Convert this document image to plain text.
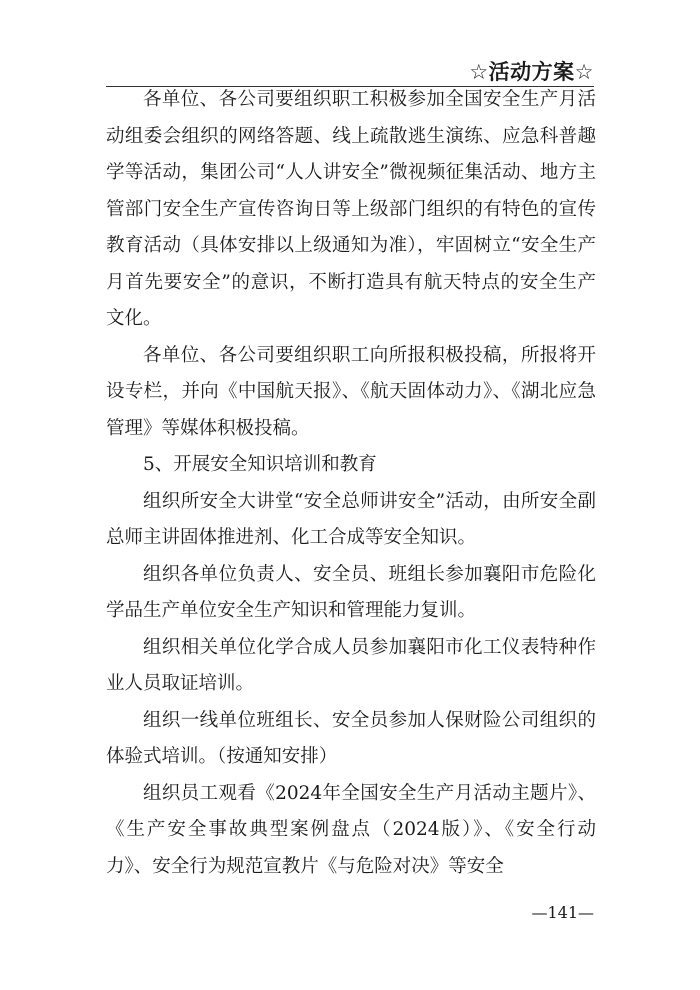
☆活动方案☆

各单位、各公司要组织职工积极参加全国安全生产月活动组委会组织的网络答题、线上疏散逃生演练、应急科普趣学等活动，集团公司“人人讲安全”微视频征集活动、地方主管部门安全生产宣传咨询日等上级部门组织的有特色的宣传教育活动（具体安排以上级通知为准），牢固树立“安全生产月首先要安全”的意识，不断打造具有航天特点的安全生产文化。

各单位、各公司要组织职工向所报积极投稿，所报将开设专栏，并向《中国航天报》、《航天固体动力》、《湖北应急管理》等媒体积极投稿。

5、开展安全知识培训和教育

组织所安全大讲堂“安全总师讲安全”活动，由所安全副总师主讲固体推进剂、化工合成等安全知识。

组织各单位负责人、安全员、班组长参加襄阳市危险化学品生产单位安全生产知识和管理能力复训。

组织相关单位化学合成人员参加襄阳市化工仪表特种作业人员取证培训。

组织一线单位班组长、安全员参加人保财险公司组织的体验式培训。（按通知安排）

组织员工观看《2024年全国安全生产月活动主题片》、《生产安全事故典型案例盘点（2024版）》、《安全行动力》、安全行为规范宣教片《与危险对决》等安全

—141—
